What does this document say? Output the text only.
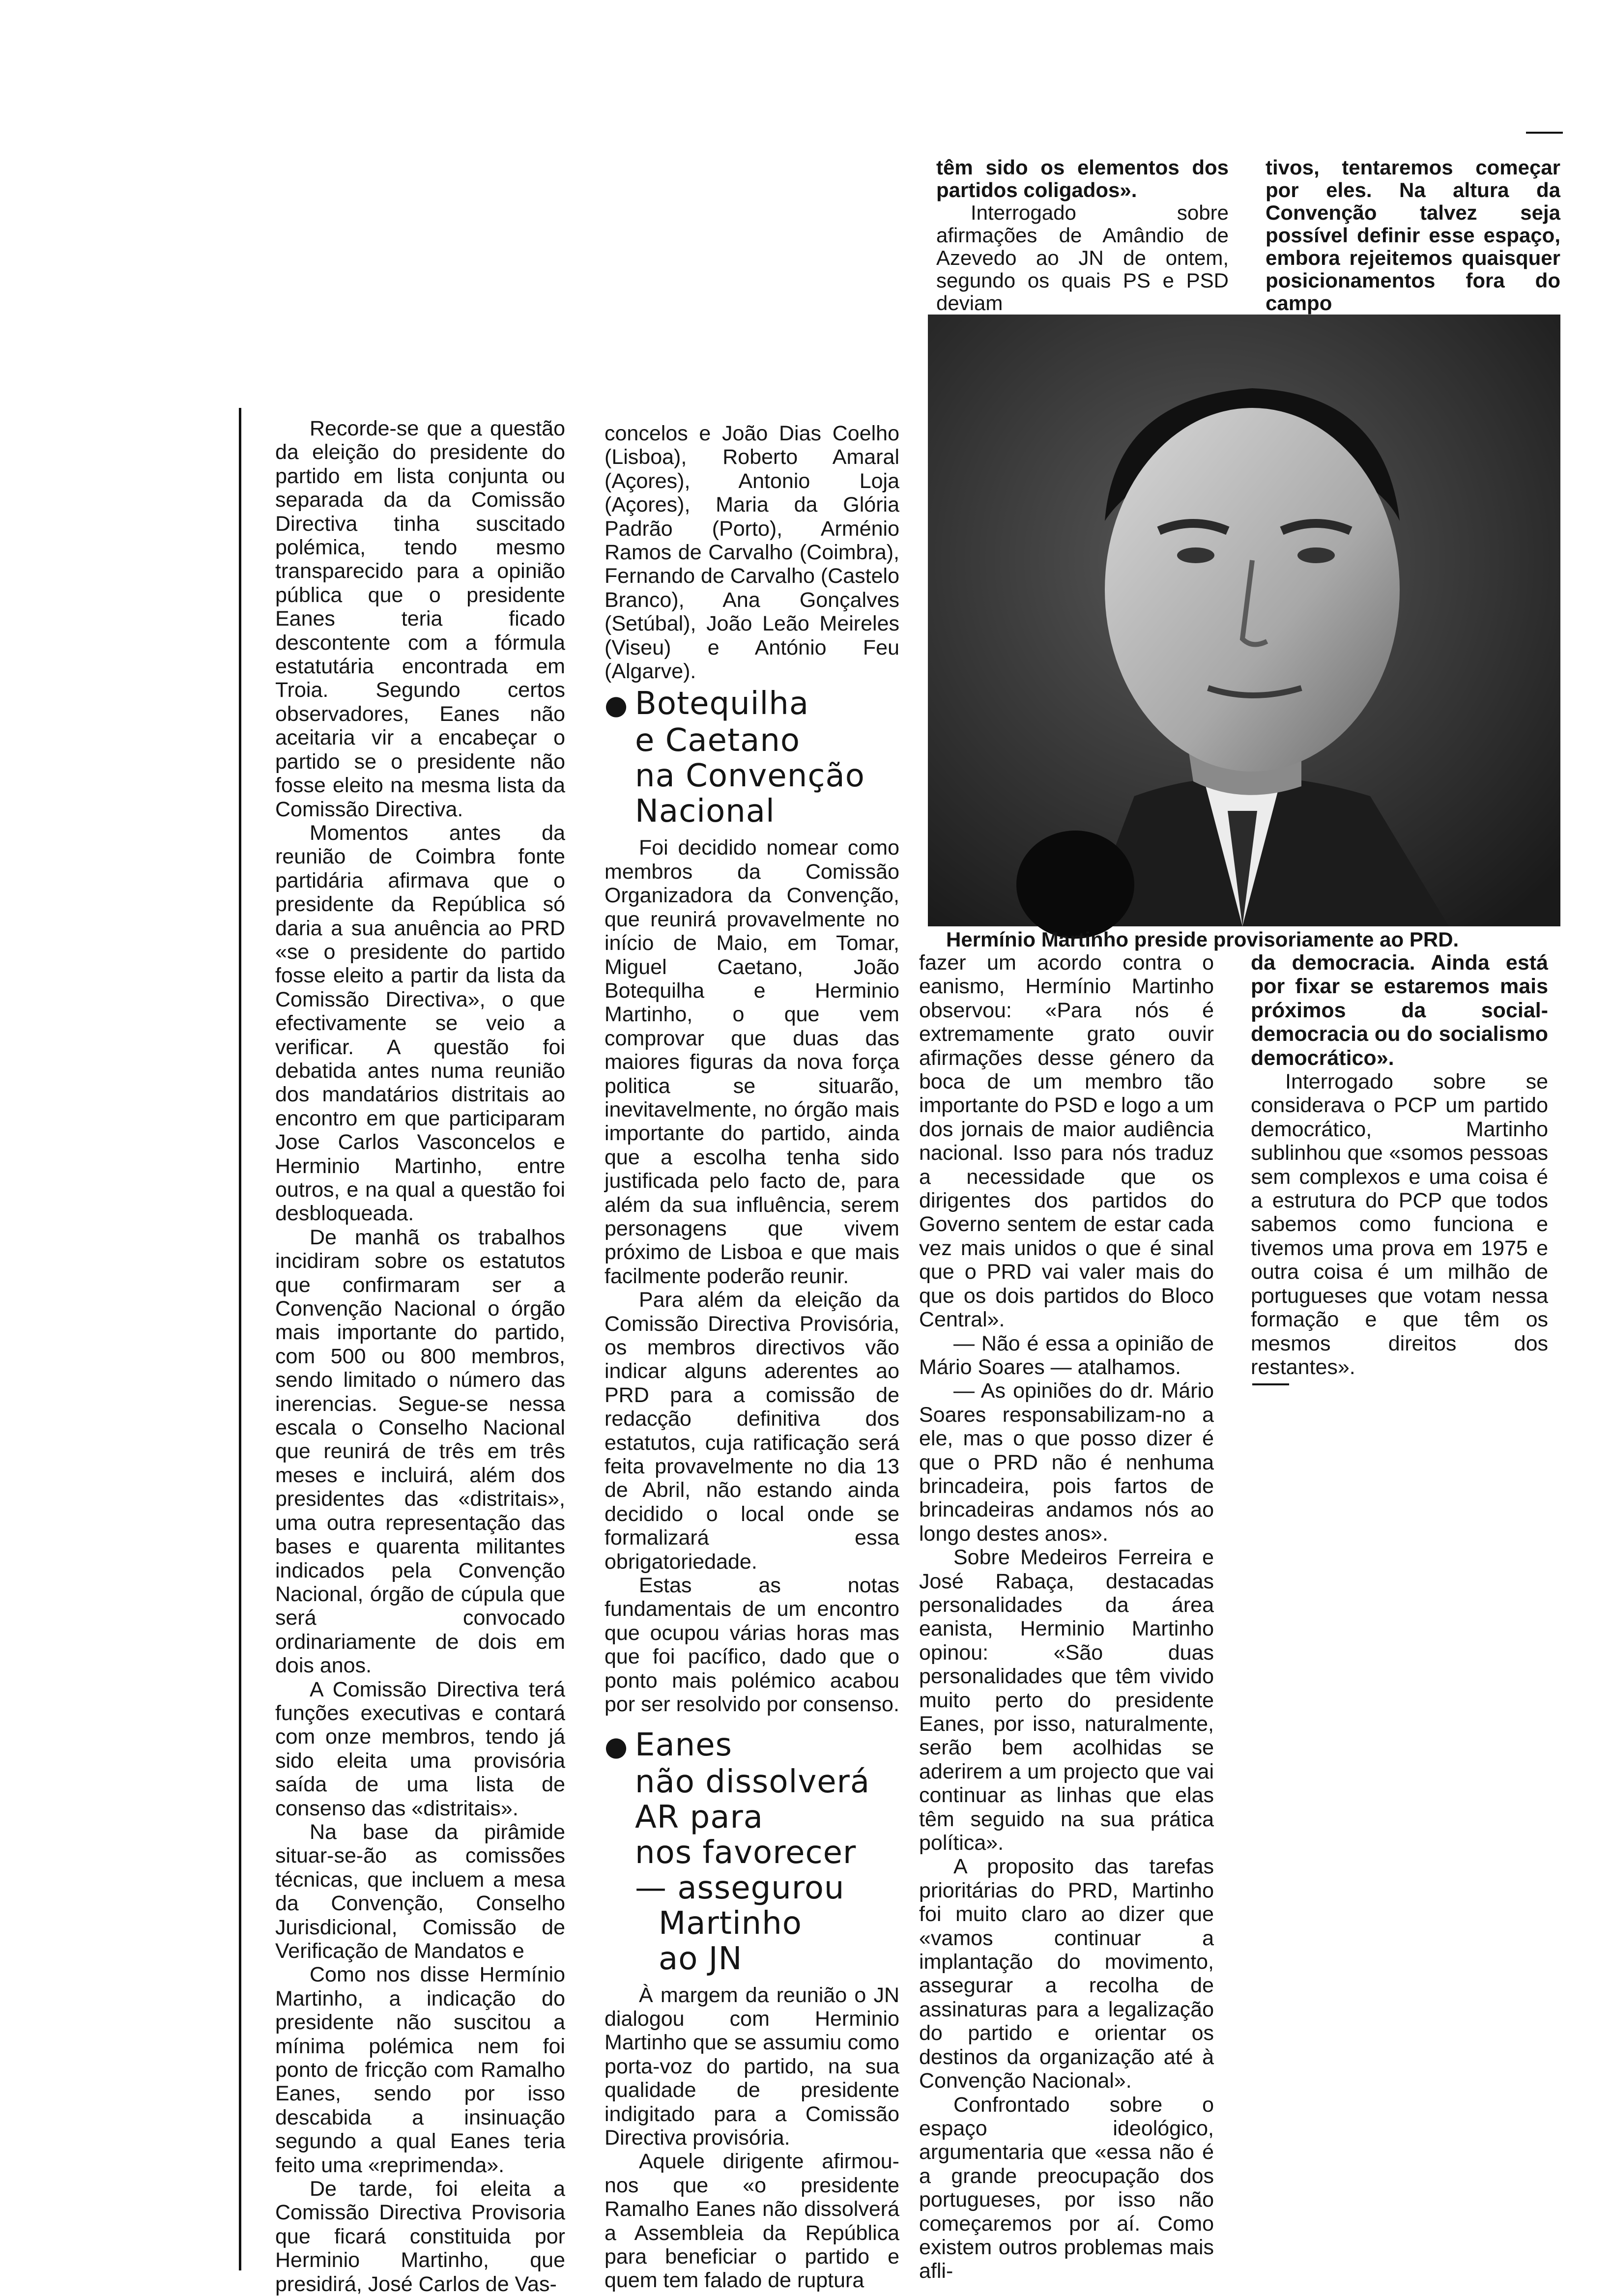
têm sido os elementos dos partidos coligados».

Interrogado sobre afirmações de Amândio de Azevedo ao JN de ontem, segundo os quais PS e PSD deviam

tivos, tentaremos começar por eles. Na altura da Convenção talvez seja possível definir esse espaço, embora rejeitemos quaisquer posicionamentos fora do campo

Hermínio Martinho preside provisoriamente ao PRD.

Recorde-se que a questão da eleição do presidente do partido em lista conjunta ou separada da da Comissão Directiva tinha suscitado polémica, tendo mesmo transparecido para a opinião pública que o presidente Eanes teria ficado descontente com a fórmula estatutária encontrada em Troia. Segundo certos observadores, Eanes não aceitaria vir a encabeçar o partido se o presidente não fosse eleito na mesma lista da Comissão Directiva.

Momentos antes da reunião de Coimbra fonte partidária afirmava que o presidente da República só daria a sua anuência ao PRD «se o presidente do partido fosse eleito a partir da lista da Comissão Directiva», o que efectivamente se veio a verificar. A questão foi debatida antes numa reunião dos mandatários distritais ao encontro em que participaram Jose Carlos Vasconcelos e Herminio Martinho, entre outros, e na qual a questão foi desbloqueada.

De manhã os trabalhos incidiram sobre os estatutos que confirmaram ser a Convenção Nacional o órgão mais importante do partido, com 500 ou 800 membros, sendo limitado o número das inerencias. Segue-se nessa escala o Conselho Nacional que reunirá de três em três meses e incluirá, além dos presidentes das «distritais», uma outra representação das bases e quarenta militantes indicados pela Convenção Nacional, órgão de cúpula que será convocado ordinariamente de dois em dois anos.

A Comissão Directiva terá funções executivas e contará com onze membros, tendo já sido eleita uma provisória saída de uma lista de consenso das «distritais».

Na base da pirâmide situar-se-ão as comissões técnicas, que incluem a mesa da Convenção, Conselho Jurisdicional, Comissão de Verificação de Mandatos e

Como nos disse Hermínio Martinho, a indicação do presidente não suscitou a mínima polémica nem foi ponto de fricção com Ramalho Eanes, sendo por isso descabida a insinuação segundo a qual Eanes teria feito uma «reprimenda».

De tarde, foi eleita a Comissão Directiva Provisoria que ficará constituida por Herminio Martinho, que presidirá, José Carlos de Vas-

concelos e João Dias Coelho (Lisboa), Roberto Amaral (Açores), Antonio Loja (Açores), Maria da Glória Padrão (Porto), Arménio Ramos de Carvalho (Coimbra), Fernando de Carvalho (Castelo Branco), Ana Gonçalves (Setúbal), João Leão Meireles (Viseu) e António Feu (Algarve).

● Botequilha
e Caetano
na Convenção
Nacional

Foi decidido nomear como membros da Comissão Organizadora da Convenção, que reunirá provavelmente no início de Maio, em Tomar, Miguel Caetano, João Botequilha e Herminio Martinho, o que vem comprovar que duas das maiores figuras da nova força politica se situarão, inevitavelmente, no órgão mais importante do partido, ainda que a escolha tenha sido justificada pelo facto de, para além da sua influência, serem personagens que vivem próximo de Lisboa e que mais facilmente poderão reunir.

Para além da eleição da Comissão Directiva Provisória, os membros directivos vão indicar alguns aderentes ao PRD para a comissão de redacção definitiva dos estatutos, cuja ratificação será feita provavelmente no dia 13 de Abril, não estando ainda decidido o local onde se formalizará essa obrigatoriedade.

Estas as notas fundamentais de um encontro que ocupou várias horas mas que foi pacífico, dado que o ponto mais polémico acabou por ser resolvido por consenso.

● Eanes
não dissolverá
AR para
nos favorecer
— assegurou
Martinho
ao JN

À margem da reunião o JN dialogou com Herminio Martinho que se assumiu como porta-voz do partido, na sua qualidade de presidente indigitado para a Comissão Directiva provisória.

Aquele dirigente afirmou-nos que «o presidente Ramalho Eanes não dissolverá a Assembleia da República para beneficiar o partido e quem tem falado de ruptura

fazer um acordo contra o eanismo, Hermínio Martinho observou: «Para nós é extremamente grato ouvir afirmações desse género da boca de um membro tão importante do PSD e logo a um dos jornais de maior audiência nacional. Isso para nós traduz a necessidade que os dirigentes dos partidos do Governo sentem de estar cada vez mais unidos o que é sinal que o PRD vai valer mais do que os dois partidos do Bloco Central».

— Não é essa a opinião de Mário Soares — atalhamos.

— As opiniões do dr. Mário Soares responsabilizam-no a ele, mas o que posso dizer é que o PRD não é nenhuma brincadeira, pois fartos de brincadeiras andamos nós ao longo destes anos».

Sobre Medeiros Ferreira e José Rabaça, destacadas personalidades da área eanista, Herminio Martinho opinou: «São duas personalidades que têm vivido muito perto do presidente Eanes, por isso, naturalmente, serão bem acolhidas se aderirem a um projecto que vai continuar as linhas que elas têm seguido na sua prática política».

A proposito das tarefas prioritárias do PRD, Martinho foi muito claro ao dizer que «vamos continuar a implantação do movimento, assegurar a recolha de assinaturas para a legalização do partido e orientar os destinos da organização até à Convenção Nacional».

Confrontado sobre o espaço ideológico, argumentaria que «essa não é a grande preocupação dos portugueses, por isso não começaremos por aí. Como existem outros problemas mais afli-

da democracia. Ainda está por fixar se estaremos mais próximos da social-democracia ou do socialismo democrático».

Interrogado sobre se considerava o PCP um partido democrático, Martinho sublinhou que «somos pessoas sem complexos e uma coisa é a estrutura do PCP que todos sabemos como funciona e tivemos uma prova em 1975 e outra coisa é um milhão de portugueses que votam nessa formação e que têm os mesmos direitos dos restantes».
